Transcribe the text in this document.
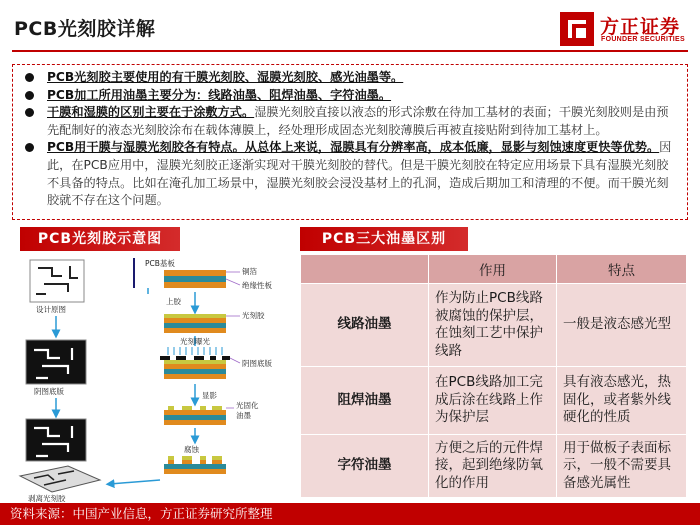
PCB光刻胶详解	方正证券
FOUNDER SECURITIES
PCB光刻胶主要使用的有干膜光刻胶、湿膜光刻胶、感光油墨等。
PCB加工所用油墨主要分为：线路油墨、阻焊油墨、字符油墨。
干膜和湿膜的区别主要在于涂敷方式。湿膜光刻胶直接以液态的形式涂敷在待加工基材的表面；干膜光刻胶则是由预先配制好的液态光刻胶涂布在载体薄膜上，经处理形成固态光刻胶薄膜后再被直接贴附到待加工基材上。
PCB用干膜与湿膜光刻胶各有特点。从总体上来说，湿膜具有分辨率高，成本低廉，显影与刻蚀速度更快等优势。因此，在PCB应用中，湿膜光刻胶正逐渐实现对干膜光刻胶的替代。但是干膜光刻胶在特定应用场景下具有湿膜光刻胶不具备的特点。比如在淹孔加工场景中，湿膜光刻胶会浸没基材上的孔洞，造成后期加工和清理的不便。而干膜光刻胶就不存在这个问题。
PCB光刻胶示意图	PCB三大油墨区别
设计原图
阴图底版
剥离光刻胶
PCB基板
铜箔
绝缘性板
上胶
光刻胶
光刻曝光
阴图底版
显影
光固化
油墨
腐蚀
	作用	特点
线路油墨	作为防止PCB线路被腐蚀的保护层，在蚀刻工艺中保护线路	一般是液态感光型
阻焊油墨	在PCB线路加工完成后涂在线路上作为保护层	具有液态感光，热固化，或者紫外线硬化的性质
字符油墨	方便之后的元件焊接，起到绝缘防氧化的作用	用于做板子表面标示，一般不需要具备感光属性
资料来源：中国产业信息，方正证券研究所整理
